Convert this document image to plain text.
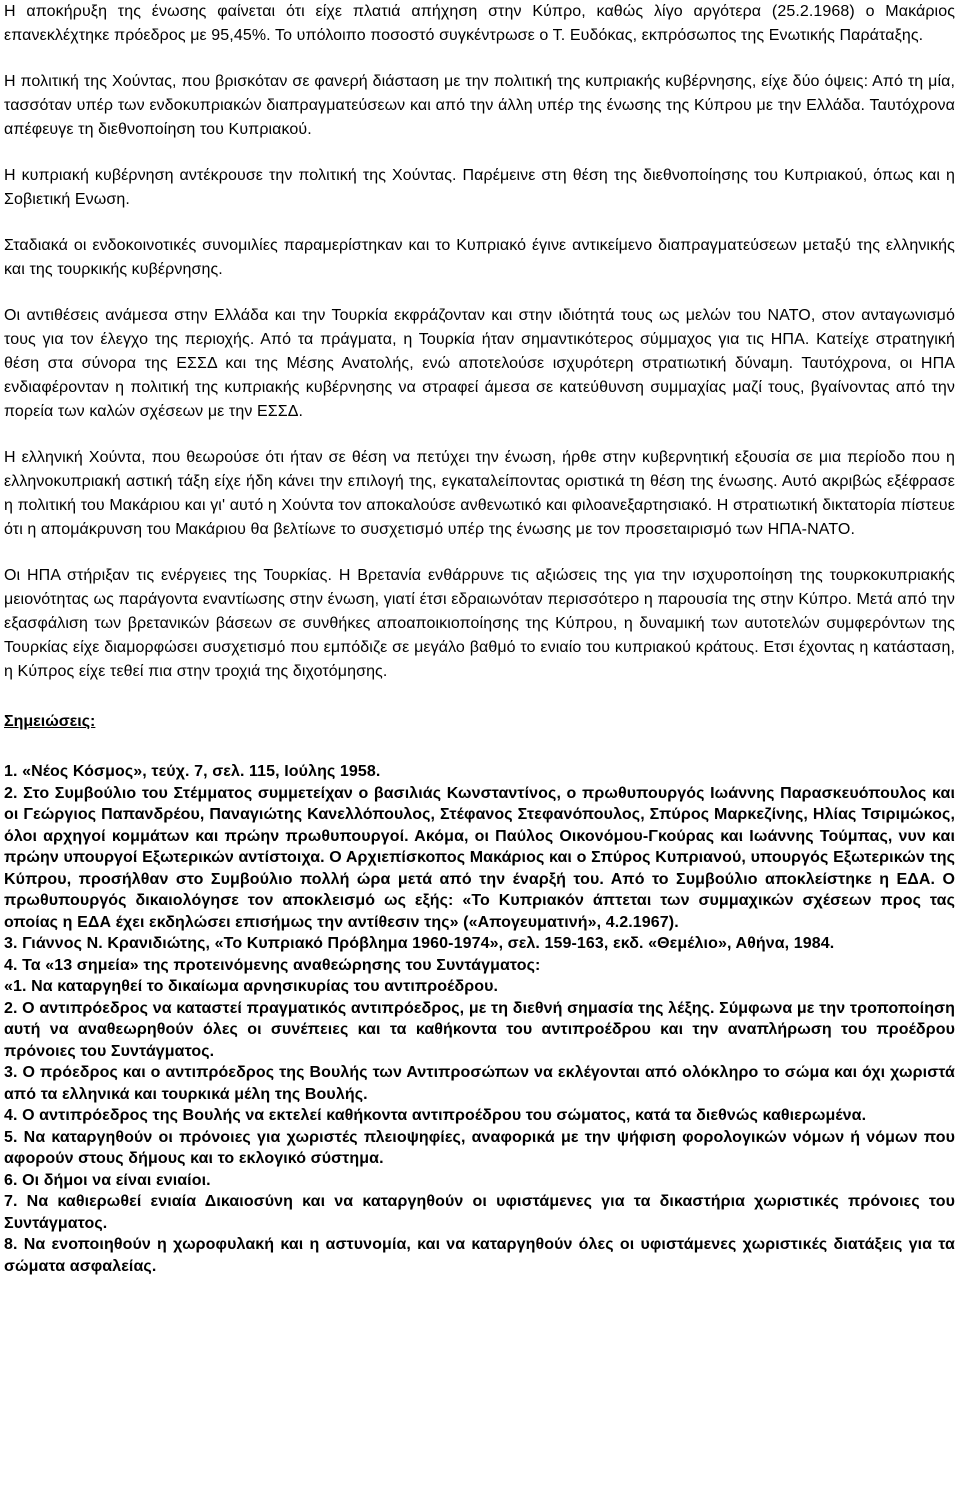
Η αποκήρυξη της ένωσης φαίνεται ότι είχε πλατιά απήχηση στην Κύπρο, καθώς λίγο αργότερα (25.2.1968) ο Μακάριος επανεκλέχτηκε πρόεδρος με 95,45%. Το υπόλοιπο ποσοστό συγκέντρωσε ο Τ. Ευδόκας, εκπρόσωπος της Ενωτικής Παράταξης.

Η πολιτική της Χούντας, που βρισκόταν σε φανερή διάσταση με την πολιτική της κυπριακής κυβέρνησης, είχε δύο όψεις: Από τη μία, τασσόταν υπέρ των ενδοκυπριακών διαπραγματεύσεων και από την άλλη υπέρ της ένωσης της Κύπρου με την Ελλάδα. Ταυτόχρονα απέφευγε τη διεθνοποίηση του Κυπριακού.

Η κυπριακή κυβέρνηση αντέκρουσε την πολιτική της Χούντας. Παρέμεινε στη θέση της διεθνοποίησης του Κυπριακού, όπως και η Σοβιετική Ενωση.

Σταδιακά οι ενδοκοινοτικές συνομιλίες παραμερίστηκαν και το Κυπριακό έγινε αντικείμενο διαπραγματεύσεων μεταξύ της ελληνικής και της τουρκικής κυβέρνησης.

Οι αντιθέσεις ανάμεσα στην Ελλάδα και την Τουρκία εκφράζονταν και στην ιδιότητά τους ως μελών του ΝΑΤΟ, στον ανταγωνισμό τους για τον έλεγχο της περιοχής. Από τα πράγματα, η Τουρκία ήταν σημαντικότερος σύμμαχος για τις ΗΠΑ. Κατείχε στρατηγική θέση στα σύνορα της ΕΣΣΔ και της Μέσης Ανατολής, ενώ αποτελούσε ισχυρότερη στρατιωτική δύναμη. Ταυτόχρονα, οι ΗΠΑ ενδιαφέρονταν η πολιτική της κυπριακής κυβέρνησης να στραφεί άμεσα σε κατεύθυνση συμμαχίας μαζί τους, βγαίνοντας από την πορεία των καλών σχέσεων με την ΕΣΣΔ.

Η ελληνική Χούντα, που θεωρούσε ότι ήταν σε θέση να πετύχει την ένωση, ήρθε στην κυβερνητική εξουσία σε μια περίοδο που η ελληνοκυπριακή αστική τάξη είχε ήδη κάνει την επιλογή της, εγκαταλείποντας οριστικά τη θέση της ένωσης. Αυτό ακριβώς εξέφρασε η πολιτική του Μακάριου και γι' αυτό η Χούντα τον αποκαλούσε ανθενωτικό και φιλοανεξαρτησιακό. Η στρατιωτική δικτατορία πίστευε ότι η απομάκρυνση του Μακάριου θα βελτίωνε το συσχετισμό υπέρ της ένωσης με τον προσεταιρισμό των ΗΠΑ-ΝΑΤΟ.

Οι ΗΠΑ στήριξαν τις ενέργειες της Τουρκίας. Η Βρετανία ενθάρρυνε τις αξιώσεις της για την ισχυροποίηση της τουρκοκυπριακής μειονότητας ως παράγοντα εναντίωσης στην ένωση, γιατί έτσι εδραιωνόταν περισσότερο η παρουσία της στην Κύπρο. Μετά από την εξασφάλιση των βρετανικών βάσεων σε συνθήκες αποαποικιοποίησης της Κύπρου, η δυναμική των αυτοτελών συμφερόντων της Τουρκίας είχε διαμορφώσει συσχετισμό που εμπόδιζε σε μεγάλο βαθμό το ενιαίο του κυπριακού κράτους. Ετσι έχοντας η κατάσταση, η Κύπρος είχε τεθεί πια στην τροχιά της διχοτόμησης.

Σημειώσεις:

1. «Νέος Κόσμος», τεύχ. 7, σελ. 115, Ιούλης 1958.

2. Στο Συμβούλιο του Στέμματος συμμετείχαν ο βασιλιάς Κωνσταντίνος, ο πρωθυπουργός Ιωάννης Παρασκευόπουλος και οι Γεώργιος Παπανδρέου, Παναγιώτης Κανελλόπουλος, Στέφανος Στεφανόπουλος, Σπύρος Μαρκεζίνης, Ηλίας Τσιριμώκος, όλοι αρχηγοί κομμάτων και πρώην πρωθυπουργοί. Ακόμα, οι Παύλος Οικονόμου-Γκούρας και Ιωάννης Τούμπας, νυν και πρώην υπουργοί Εξωτερικών αντίστοιχα. Ο Αρχιεπίσκοπος Μακάριος και ο Σπύρος Κυπριανού, υπουργός Εξωτερικών της Κύπρου, προσήλθαν στο Συμβούλιο πολλή ώρα μετά από την έναρξή του. Από το Συμβούλιο αποκλείστηκε η ΕΔΑ. Ο πρωθυπουργός δικαιολόγησε τον αποκλεισμό ως εξής: «Το Κυπριακόν άπτεται των συμμαχικών σχέσεων προς τας οποίας η ΕΔΑ έχει εκδηλώσει επισήμως την αντίθεσιν της» («Απογευματινή», 4.2.1967).

3. Γιάννος Ν. Κρανιδιώτης, «Το Κυπριακό Πρόβλημα 1960-1974», σελ. 159-163, εκδ. «Θεμέλιο», Αθήνα, 1984.

4. Τα «13 σημεία» της προτεινόμενης αναθεώρησης του Συντάγματος:

«1. Να καταργηθεί το δικαίωμα αρνησικυρίας του αντιπροέδρου.

2. Ο αντιπρόεδρος να καταστεί πραγματικός αντιπρόεδρος, με τη διεθνή σημασία της λέξης. Σύμφωνα με την τροποποίηση αυτή να αναθεωρηθούν όλες οι συνέπειες και τα καθήκοντα του αντιπροέδρου και την αναπλήρωση του προέδρου πρόνοιες του Συντάγματος.

3. Ο πρόεδρος και ο αντιπρόεδρος της Βουλής των Αντιπροσώπων να εκλέγονται από ολόκληρο το σώμα και όχι χωριστά από τα ελληνικά και τουρκικά μέλη της Βουλής.

4. Ο αντιπρόεδρος της Βουλής να εκτελεί καθήκοντα αντιπροέδρου του σώματος, κατά τα διεθνώς καθιερωμένα.

5. Να καταργηθούν οι πρόνοιες για χωριστές πλειοψηφίες, αναφορικά με την ψήφιση φορολογικών νόμων ή νόμων που αφορούν στους δήμους και το εκλογικό σύστημα.

6. Οι δήμοι να είναι ενιαίοι.

7. Να καθιερωθεί ενιαία Δικαιοσύνη και να καταργηθούν οι υφιστάμενες για τα δικαστήρια χωριστικές πρόνοιες του Συντάγματος.

8. Να ενοποιηθούν η χωροφυλακή και η αστυνομία, και να καταργηθούν όλες οι υφιστάμενες χωριστικές διατάξεις για τα σώματα ασφαλείας.
